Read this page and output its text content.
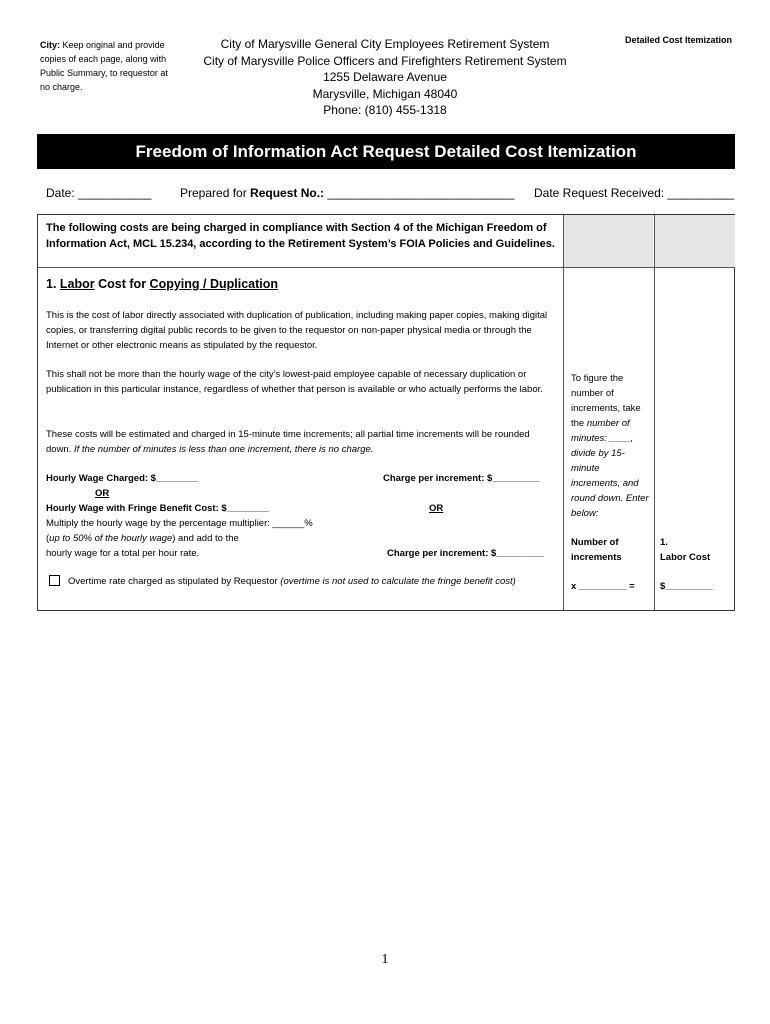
City: Keep original and provide copies of each page, along with Public Summary, to requestor at no charge.
City of Marysville General City Employees Retirement System
City of Marysville Police Officers and Firefighters Retirement System
1255 Delaware Avenue
Marysville, Michigan 48040
Phone: (810) 455-1318
Detailed Cost Itemization
Freedom of Information Act Request Detailed Cost Itemization
Date: ___________ Prepared for Request No.: ____________________________ Date Request Received: __________
The following costs are being charged in compliance with Section 4 of the Michigan Freedom of Information Act, MCL 15.234, according to the Retirement System’s FOIA Policies and Guidelines.
1. Labor Cost for Copying / Duplication
This is the cost of labor directly associated with duplication of publication, including making paper copies, making digital copies, or transferring digital public records to be given to the requestor on non-paper physical media or through the Internet or other electronic means as stipulated by the requestor.
This shall not be more than the hourly wage of the city’s lowest-paid employee capable of necessary duplication or publication in this particular instance, regardless of whether that person is available or who actually performs the labor.
These costs will be estimated and charged in 15-minute time increments; all partial time increments will be rounded down. If the number of minutes is less than one increment, there is no charge.
Hourly Wage Charged: $________
OR
Hourly Wage with Fringe Benefit Cost: $________
Multiply the hourly wage by the percentage multiplier: ______%
(up to 50% of the hourly wage) and add to the
hourly wage for a total per hour rate.
Charge per increment: $_________
OR
Charge per increment: $_________
Overtime rate charged as stipulated by Requestor (overtime is not used to calculate the fringe benefit cost)
To figure the number of increments, take the number of minutes: ____, divide by 15-minute increments, and round down. Enter below:
Number of increments
x _________ =
1.
Labor Cost
$_________
1
